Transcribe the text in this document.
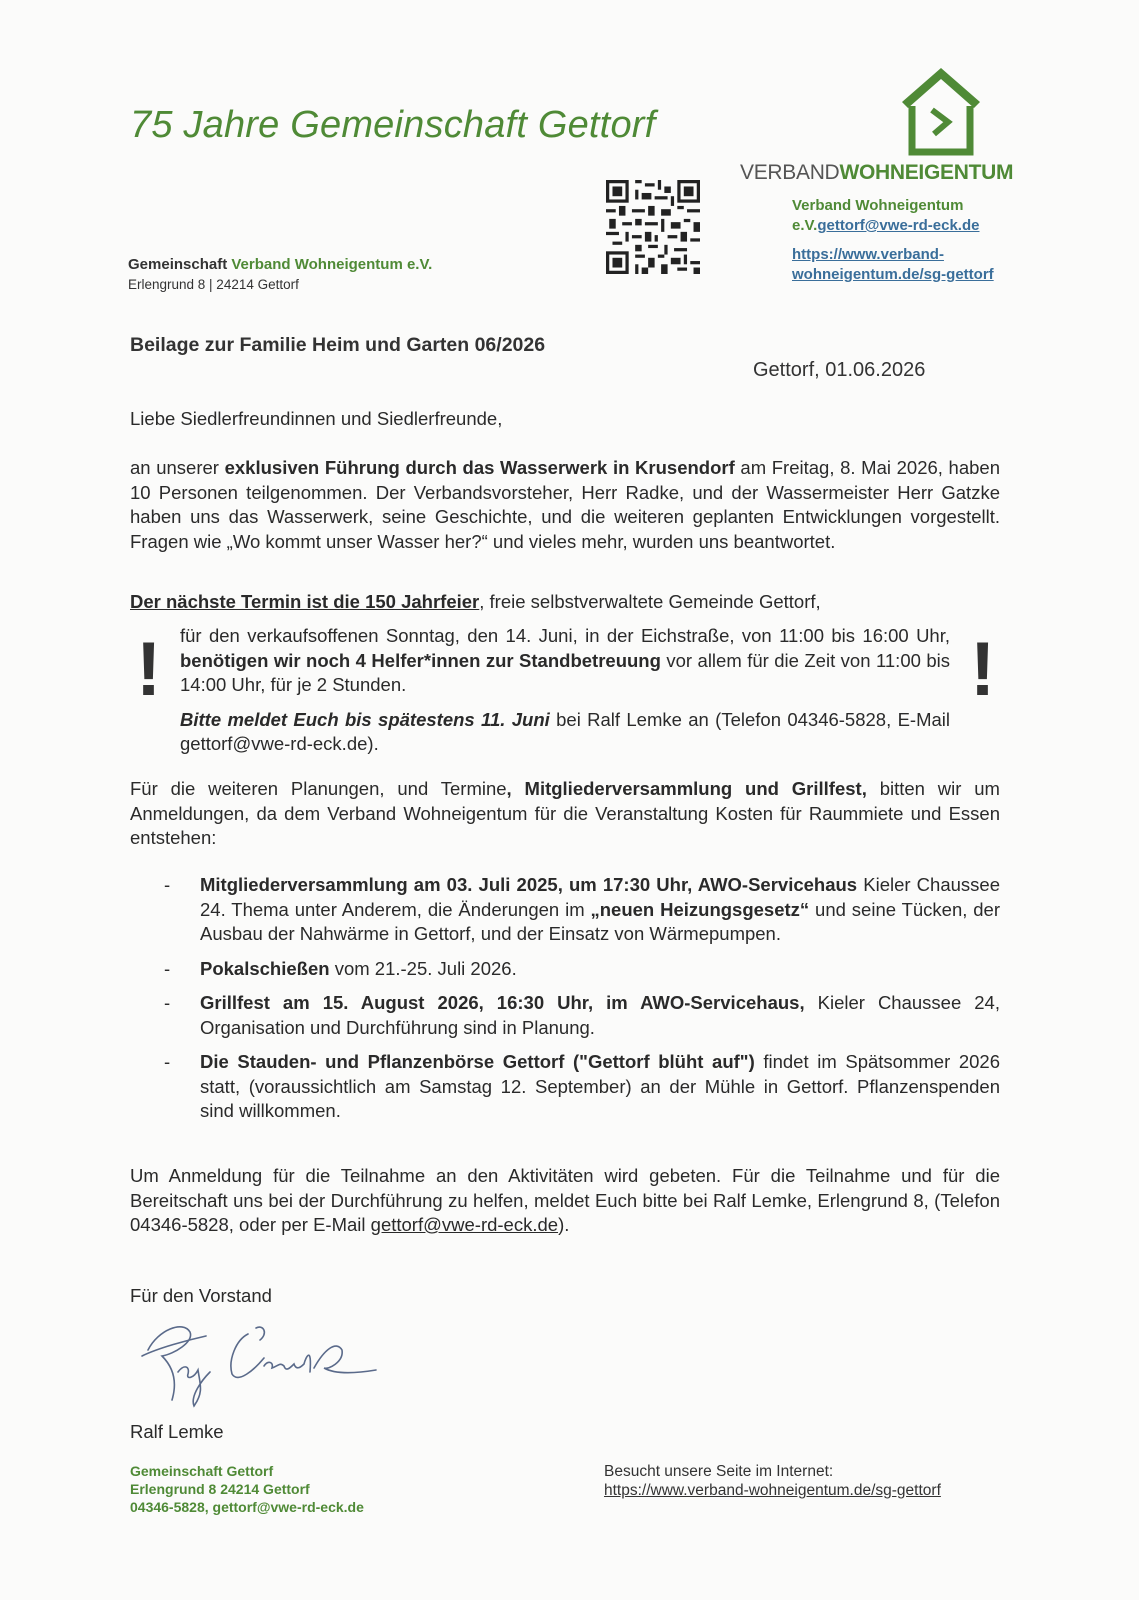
75 Jahre Gemeinschaft Gettorf
Gemeinschaft Verband Wohneigentum e.V.
Erlengrund 8 | 24214 Gettorf
VERBANDWOHNEIGENTUM
Verband Wohneigentum
e.V.gettorf@vwe-rd-eck.de
https://www.verband-
wohneigentum.de/sg-gettorf
Beilage zur Familie Heim und Garten 06/2026
Gettorf, 01.06.2026
Liebe Siedlerfreundinnen und Siedlerfreunde,
an unserer exklusiven Führung durch das Wasserwerk in Krusendorf am Freitag, 8. Mai 2026, haben 10 Personen teilgenommen. Der Verbandsvorsteher, Herr Radke, und der Wassermeister Herr Gatzke haben uns das Wasserwerk, seine Geschichte, und die weiteren geplanten Entwicklungen vorgestellt. Fragen wie „Wo kommt unser Wasser her?“ und vieles mehr, wurden uns beantwortet.
Der nächste Termin ist die 150 Jahrfeier, freie selbstverwaltete Gemeinde Gettorf,
!	!
für den verkaufsoffenen Sonntag, den 14. Juni, in der Eichstraße, von 11:00 bis 16:00 Uhr, benötigen wir noch 4 Helfer*innen zur Standbetreuung vor allem für die Zeit von 11:00 bis 14:00 Uhr, für je 2 Stunden.
Bitte meldet Euch bis spätestens 11. Juni bei Ralf Lemke an (Telefon 04346-5828, E-Mail gettorf@vwe-rd-eck.de).
Für die weiteren Planungen, und Termine, Mitgliederversammlung und Grillfest, bitten wir um Anmeldungen, da dem Verband Wohneigentum für die Veranstaltung Kosten für Raummiete und Essen entstehen:
- Mitgliederversammlung am 03. Juli 2025, um 17:30 Uhr, AWO-Servicehaus Kieler Chaussee 24. Thema unter Anderem, die Änderungen im „neuen Heizungsgesetz“ und seine Tücken, der Ausbau der Nahwärme in Gettorf, und der Einsatz von Wärmepumpen.
- Pokalschießen vom 21.-25. Juli 2026.
- Grillfest am 15. August 2026, 16:30 Uhr, im AWO-Servicehaus, Kieler Chaussee 24, Organisation und Durchführung sind in Planung.
- Die Stauden- und Pflanzenbörse Gettorf ("Gettorf blüht auf") findet im Spätsommer 2026 statt, (voraussichtlich am Samstag 12. September) an der Mühle in Gettorf. Pflanzenspenden sind willkommen.
Um Anmeldung für die Teilnahme an den Aktivitäten wird gebeten. Für die Teilnahme und für die Bereitschaft uns bei der Durchführung zu helfen, meldet Euch bitte bei Ralf Lemke, Erlengrund 8, (Telefon 04346-5828, oder per E-Mail gettorf@vwe-rd-eck.de).
Für den Vorstand
Ralf Lemke
Gemeinschaft Gettorf
Erlengrund 8 24214 Gettorf
04346-5828, gettorf@vwe-rd-eck.de
Besucht unsere Seite im Internet:
https://www.verband-wohneigentum.de/sg-gettorf
